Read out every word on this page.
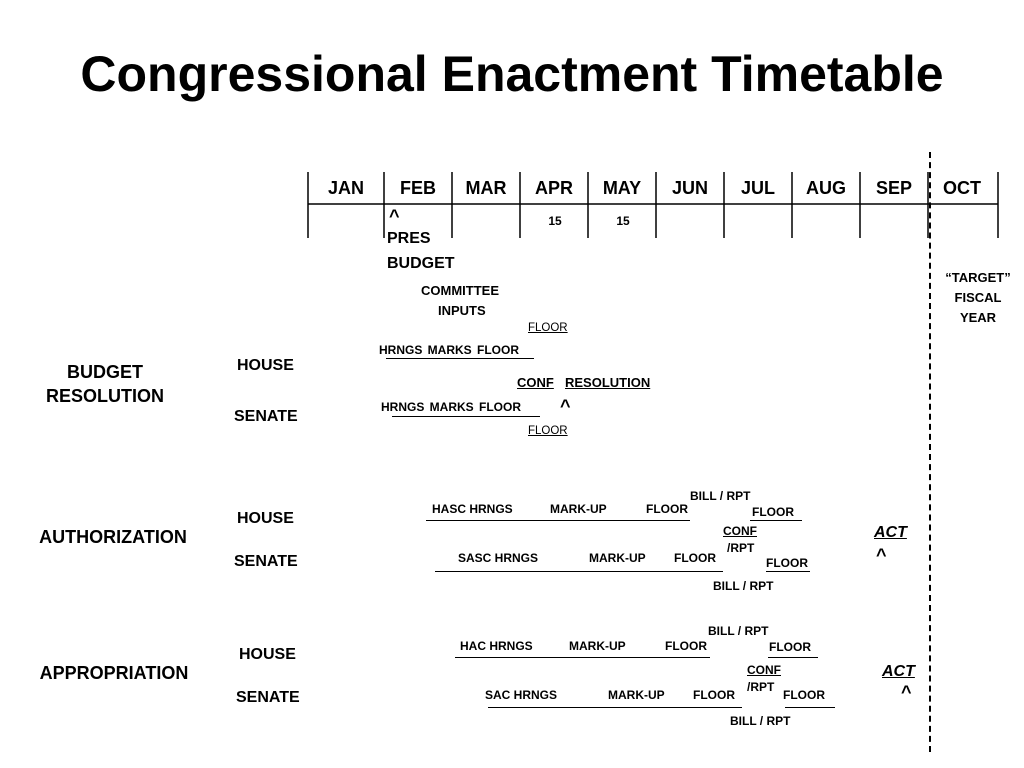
Congressional Enactment Timetable
JAN	FEB	MAR	APR	MAY	JUN	JUL	AUG	SEP	OCT
15	15
^
PRES
BUDGET
COMMITTEE
INPUTS
“TARGET”
FISCAL
YEAR
BUDGET
RESOLUTION
HOUSE
SENATE
FLOOR
HRNGS MARKS FLOOR
CONF RESOLUTION
HRNGS MARKS FLOOR ^
FLOOR
AUTHORIZATION
HOUSE
SENATE
BILL / RPT
HASC HRNGS	MARK-UP	FLOOR	FLOOR
CONF
/RPT
SASC HRNGS	MARK-UP FLOOR	FLOOR
BILL / RPT
ACT
^
APPROPRIATION
HOUSE
SENATE
BILL / RPT
HAC HRNGS	MARK-UP	FLOOR	FLOOR
CONF
/RPT
SAC HRNGS	MARK-UP FLOOR	FLOOR
BILL / RPT
ACT
^
